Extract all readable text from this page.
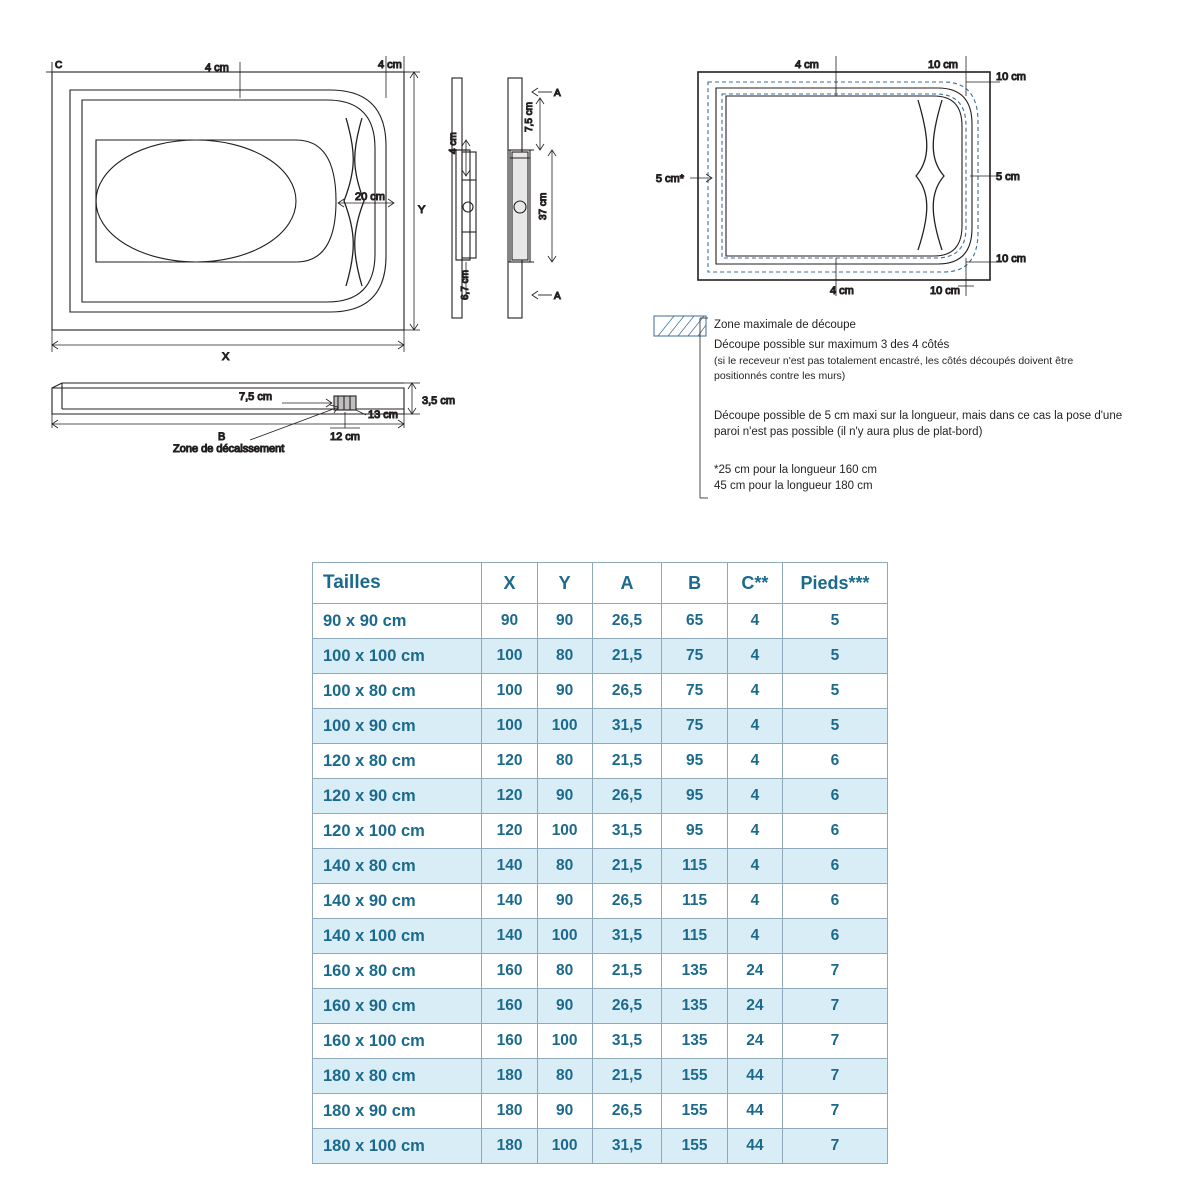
C	4 cm	4 cm
20 cm
Y
X
4 cm
6,7 cm
7,5 cm
37 cm
A
A
7,5 cm
13 cm
3,5 cm
12 cm
B
Zone de décaissement
4 cm	10 cm
10 cm
5 cm
10 cm
5 cm*
4 cm	10 cm
Zone maximale de découpe
Découpe possible sur maximum 3 des 4 côtés
(si le receveur n'est pas totalement encastré, les côtés découpés doivent être
positionnés contre les murs)
Découpe possible de 5 cm maxi sur la longueur, mais dans ce cas la pose d'une
paroi n'est pas possible (il n'y aura plus de plat-bord)
*25 cm pour la longueur 160 cm
45 cm pour la longueur 180 cm
Tailles	X	Y	A	B	C**	Pieds***
90 x 90 cm	90	90	26,5	65	4	5
100 x 100 cm	100	80	21,5	75	4	5
100 x 80 cm	100	90	26,5	75	4	5
100 x 90 cm	100	100	31,5	75	4	5
120 x 80 cm	120	80	21,5	95	4	6
120 x 90 cm	120	90	26,5	95	4	6
120 x 100 cm	120	100	31,5	95	4	6
140 x 80 cm	140	80	21,5	115	4	6
140 x 90 cm	140	90	26,5	115	4	6
140 x 100 cm	140	100	31,5	115	4	6
160 x 80 cm	160	80	21,5	135	24	7
160 x 90 cm	160	90	26,5	135	24	7
160 x 100 cm	160	100	31,5	135	24	7
180 x 80 cm	180	80	21,5	155	44	7
180 x 90 cm	180	90	26,5	155	44	7
180 x 100 cm	180	100	31,5	155	44	7
